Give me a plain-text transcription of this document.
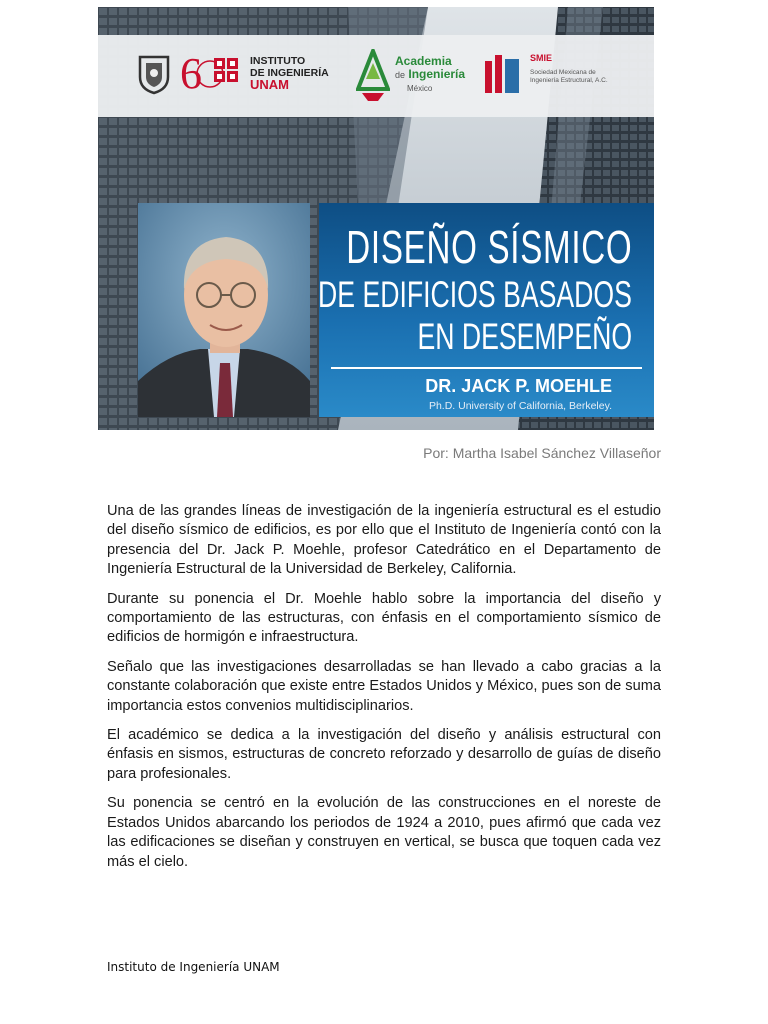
6	INSTITUTO
DE INGENIERÍA
UNAM
Academia
de Ingeniería
México
SMIE
Sociedad Mexicana de
Ingeniería Estructural, A.C.
DISEÑO SÍSMICO
DE EDIFICIOS BASADOS
EN DESEMPEÑO
DR. JACK P. MOEHLE
Ph.D. University of California, Berkeley.
Por: Martha Isabel Sánchez Villaseñor

Una de las grandes líneas de investigación de la ingeniería estructural es el estudio del diseño sísmico de edificios, es por ello que el Instituto de Ingeniería contó con la presencia del Dr. Jack P. Moehle, profesor Catedrático en el Departamento de Ingeniería Estructural de la Universidad de Berkeley, California.

Durante su ponencia el Dr. Moehle hablo sobre la importancia del diseño y comportamiento de las estructuras, con énfasis en el comportamiento sísmico de edificios de hormigón e infraestructura.

Señalo que las investigaciones desarrolladas se han llevado a cabo gracias a la constante colaboración que existe entre Estados Unidos y México, pues son de suma importancia estos convenios multidisciplinarios.

El académico se dedica a la investigación del diseño y análisis estructural con énfasis en sismos, estructuras de concreto reforzado y desarrollo de guías de diseño para profesionales.

Su ponencia se centró en la evolución de las construcciones en el noreste de Estados Unidos abarcando los periodos de 1924 a 2010, pues afirmó que cada vez las edificaciones se diseñan y construyen en vertical, se busca que toquen cada vez más el cielo.

Instituto de Ingeniería UNAM
